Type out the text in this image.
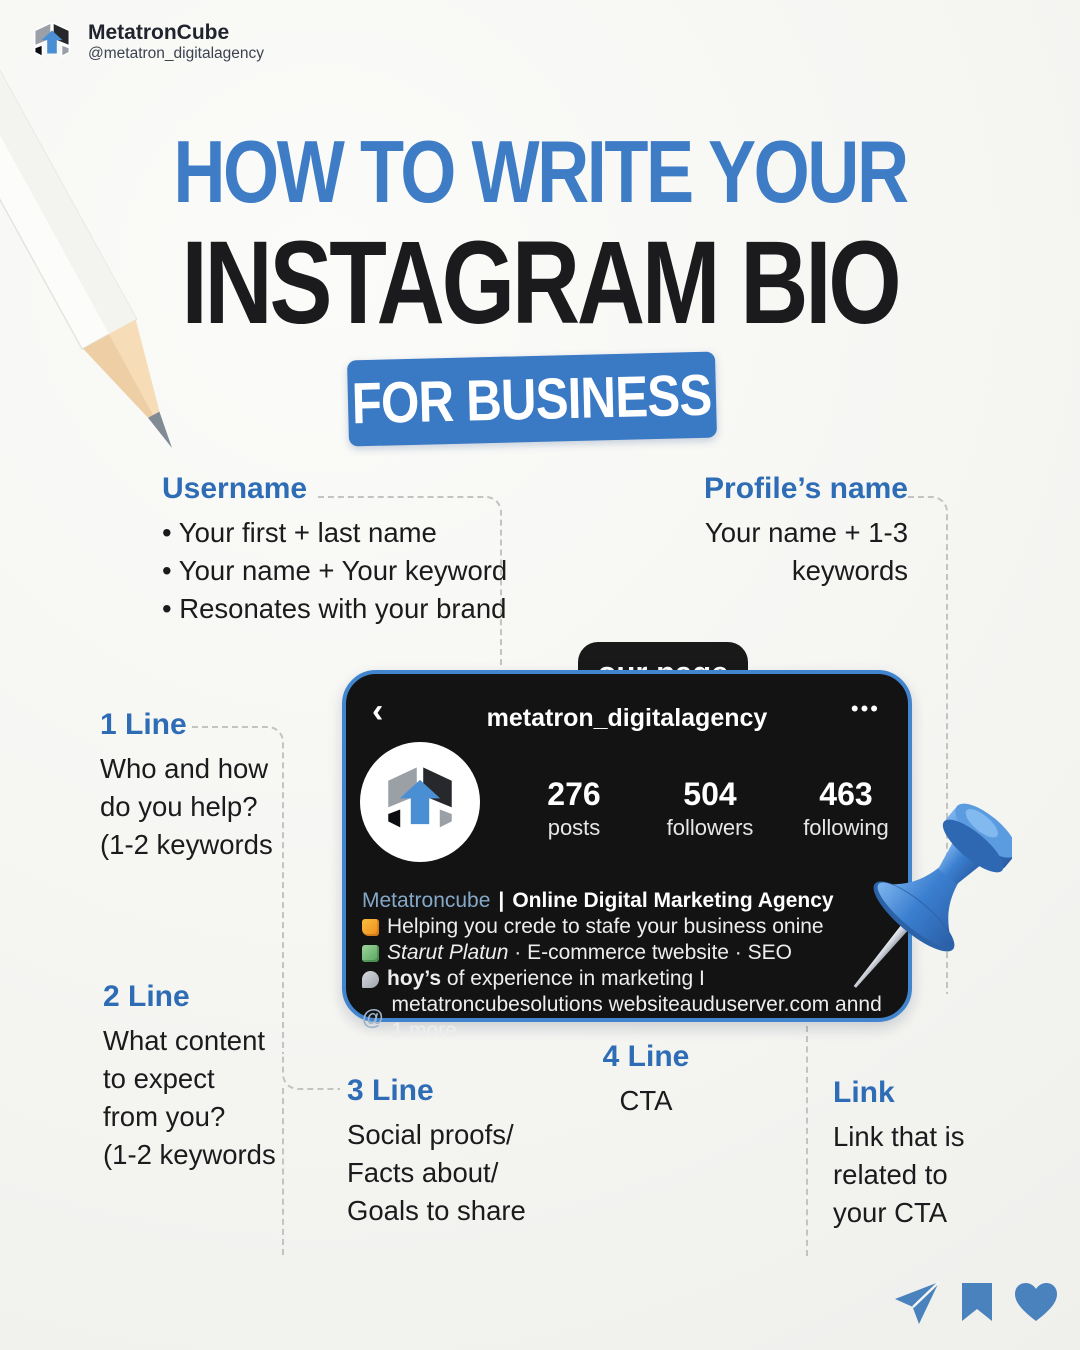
MetatronCube
@metatron_digitalagency
HOW TO WRITE YOUR
INSTAGRAM BIO
FOR BUSINESS
Username
• Your first + last name
• Your name + Your keyword
• Resonates with your brand
Profile’s name
Your name + 1-3
keywords
1 Line
Who and how
do you help?
(1-2 keywords
2 Line
What content
to expect
from you?
(1-2 keywords
3 Line
Social proofs/
Facts about/
Goals to share
4 Line
CTA	Link
Link that is
related to
your CTA
‹	metatron_digitalagency	•••
276
posts
504
followers
463
following
Metatroncube | Online Digital Marketing Agency
Helping you crede to stafe your business onine
Starut Platun · E-commerce twebsite · SEO
hoy’s of experience in marketing I
@
metatroncubesolutions websiteauduserver.com annd 1 more
